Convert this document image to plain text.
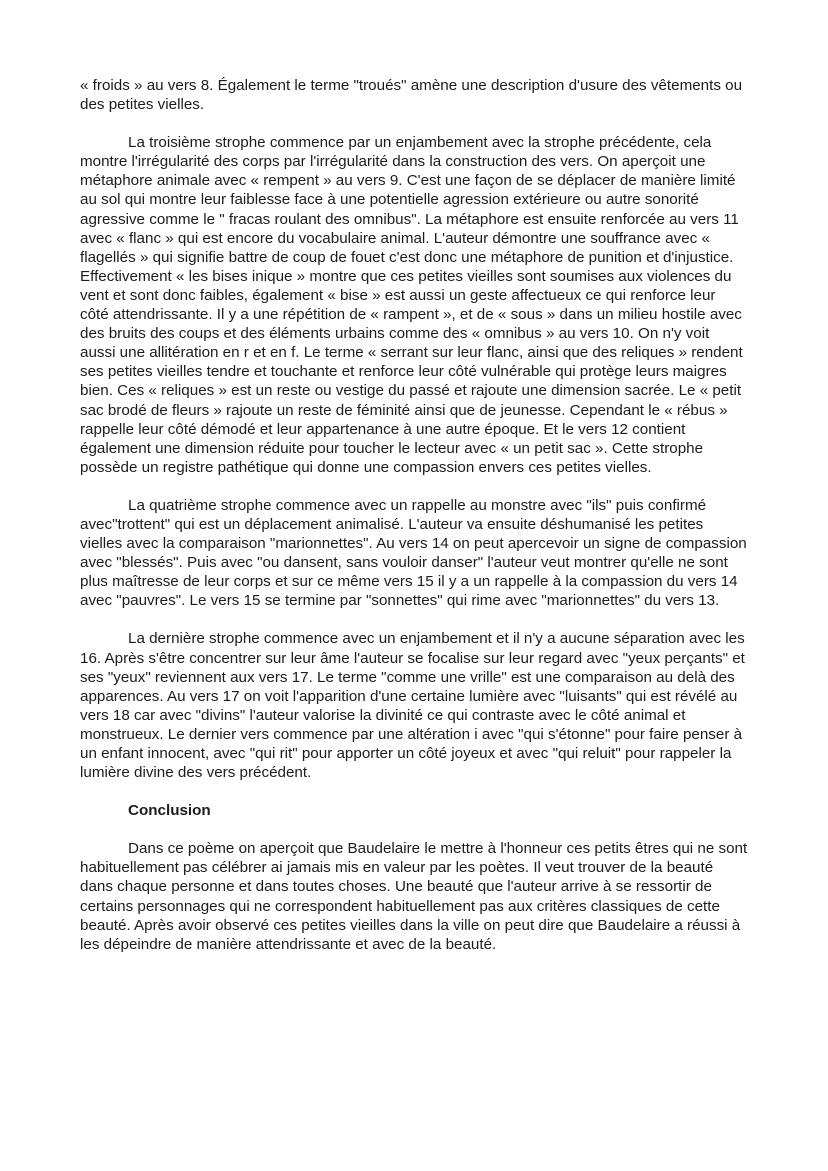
« froids » au vers 8. Également le terme "troués" amène une description d'usure des vêtements ou des petites vielles.

La troisième strophe commence par un enjambement avec la strophe précédente, cela montre l'irrégularité des corps par l'irrégularité dans la construction des vers. On aperçoit une métaphore animale avec « rempent » au vers 9. C'est une façon de se déplacer de manière limité au sol qui montre leur faiblesse face à une potentielle agression extérieure ou autre sonorité agressive comme le " fracas roulant des omnibus". La métaphore est ensuite renforcée au vers 11 avec « flanc » qui est encore du vocabulaire animal. L'auteur démontre une souffrance avec « flagellés » qui signifie battre de coup de fouet c'est donc une métaphore de punition et d'injustice. Effectivement « les bises inique » montre que ces petites vieilles sont soumises aux violences du vent et sont donc faibles, également « bise » est aussi un geste affectueux ce qui renforce leur côté attendrissante. Il y a une répétition de « rampent », et de « sous » dans un milieu hostile avec des bruits des coups et des éléments urbains comme des « omnibus » au vers 10. On n'y voit aussi une allitération en r et en f. Le terme « serrant sur leur flanc, ainsi que des reliques » rendent ses petites vieilles tendre et touchante et renforce leur côté vulnérable qui protège leurs maigres bien. Ces « reliques » est un reste ou vestige du passé et rajoute une dimension sacrée. Le « petit sac brodé de fleurs » rajoute un reste de féminité ainsi que de jeunesse. Cependant le « rébus » rappelle leur côté démodé et leur appartenance à une autre époque. Et le vers 12 contient également une dimension réduite pour toucher le lecteur avec « un petit sac ». Cette strophe possède un registre pathétique qui donne une compassion envers ces petites vielles.

La quatrième strophe commence avec un rappelle au monstre avec "ils" puis confirmé avec"trottent" qui est un déplacement animalisé. L'auteur va ensuite déshumanisé les petites vielles avec la comparaison "marionnettes". Au vers 14 on peut apercevoir un signe de compassion avec "blessés". Puis avec "ou dansent, sans vouloir danser" l'auteur veut montrer qu'elle ne sont plus maîtresse de leur corps et sur ce même vers 15 il y a un rappelle à la compassion du vers 14 avec "pauvres". Le vers 15 se termine par "sonnettes" qui rime avec "marionnettes" du vers 13.

La dernière strophe commence avec un enjambement et il n'y a aucune séparation avec les 16. Après s'être concentrer sur leur âme l'auteur se focalise sur leur regard avec "yeux perçants" et ses "yeux" reviennent aux vers 17. Le terme "comme une vrille" est une comparaison au delà des apparences. Au vers 17 on voit l'apparition d'une certaine lumière avec "luisants" qui est révélé au vers 18 car avec "divins" l'auteur valorise la divinité ce qui contraste avec le côté animal et monstrueux. Le dernier vers commence par une altération i avec "qui s'étonne" pour faire penser à un enfant innocent, avec "qui rit" pour apporter un côté joyeux et avec "qui reluit" pour rappeler la lumière divine des vers précédent.

Conclusion

Dans ce poème on aperçoit que Baudelaire le mettre à l'honneur ces petits êtres qui ne sont habituellement pas célébrer ai jamais mis en valeur par les poètes. Il veut trouver de la beauté dans chaque personne et dans toutes choses. Une beauté que l'auteur arrive à se ressortir de certains personnages qui ne correspondent habituellement pas aux critères classiques de cette beauté. Après avoir observé ces petites vieilles dans la ville on peut dire que Baudelaire a réussi à les dépeindre de manière attendrissante et avec de la beauté.
